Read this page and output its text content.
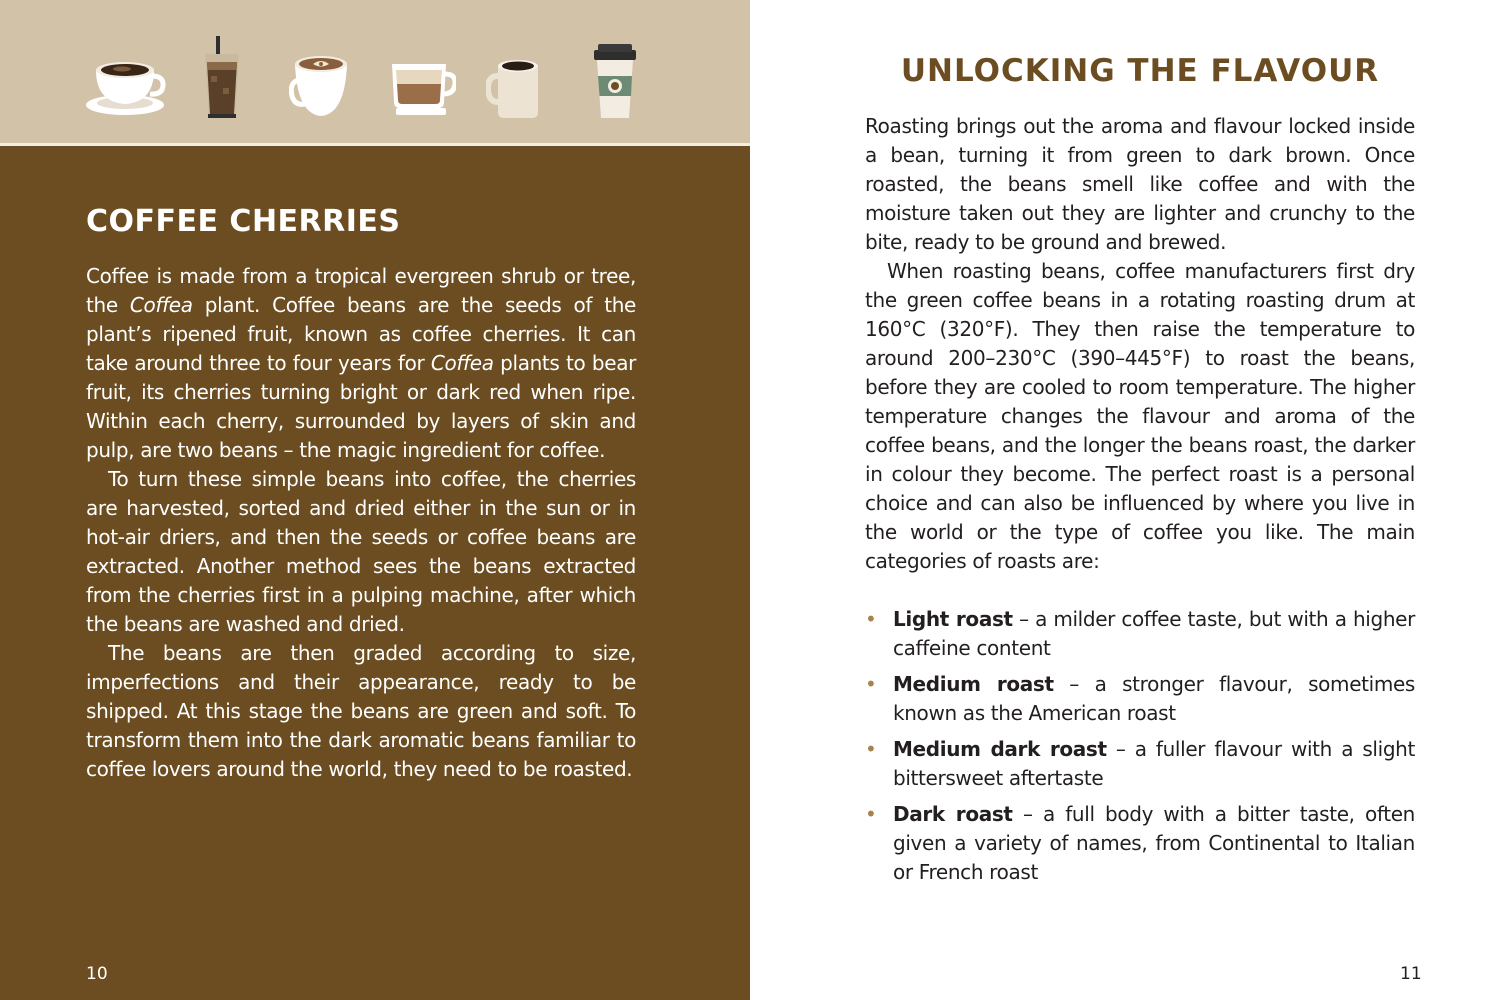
COFFEE CHERRIES

Coffee is made from a tropical evergreen shrub or tree, the Coffea plant. Coffee beans are the seeds of the plant’s ripened fruit, known as coffee cherries. It can take around three to four years for Coffea plants to bear fruit, its cherries turning bright or dark red when ripe. Within each cherry, surrounded by layers of skin and pulp, are two beans – the magic ingredient for coffee.

To turn these simple beans into coffee, the cherries are harvested, sorted and dried either in the sun or in hot-air driers, and then the seeds or coffee beans are extracted. Another method sees the beans extracted from the cherries first in a pulping machine, after which the beans are washed and dried.

The beans are then graded according to size, imperfections and their appearance, ready to be shipped. At this stage the beans are green and soft. To transform them into the dark aromatic beans familiar to coffee lovers around the world, they need to be roasted.

10
UNLOCKING THE FLAVOUR

Roasting brings out the aroma and flavour locked inside a bean, turning it from green to dark brown. Once roasted, the beans smell like coffee and with the moisture taken out they are lighter and crunchy to the bite, ready to be ground and brewed.

When roasting beans, coffee manufacturers first dry the green coffee beans in a rotating roasting drum at 160°C (320°F). They then raise the temperature to around 200–230°C (390–445°F) to roast the beans, before they are cooled to room temperature. The higher temperature changes the flavour and aroma of the coffee beans, and the longer the beans roast, the darker in colour they become. The perfect roast is a personal choice and can also be influenced by where you live in the world or the type of coffee you like. The main categories of roasts are:

• Light roast – a milder coffee taste, but with a higher caffeine content
• Medium roast – a stronger flavour, sometimes known as the American roast
• Medium dark roast – a fuller flavour with a slight bittersweet aftertaste
• Dark roast – a full body with a bitter taste, often given a variety of names, from Continental to Italian or French roast
11
